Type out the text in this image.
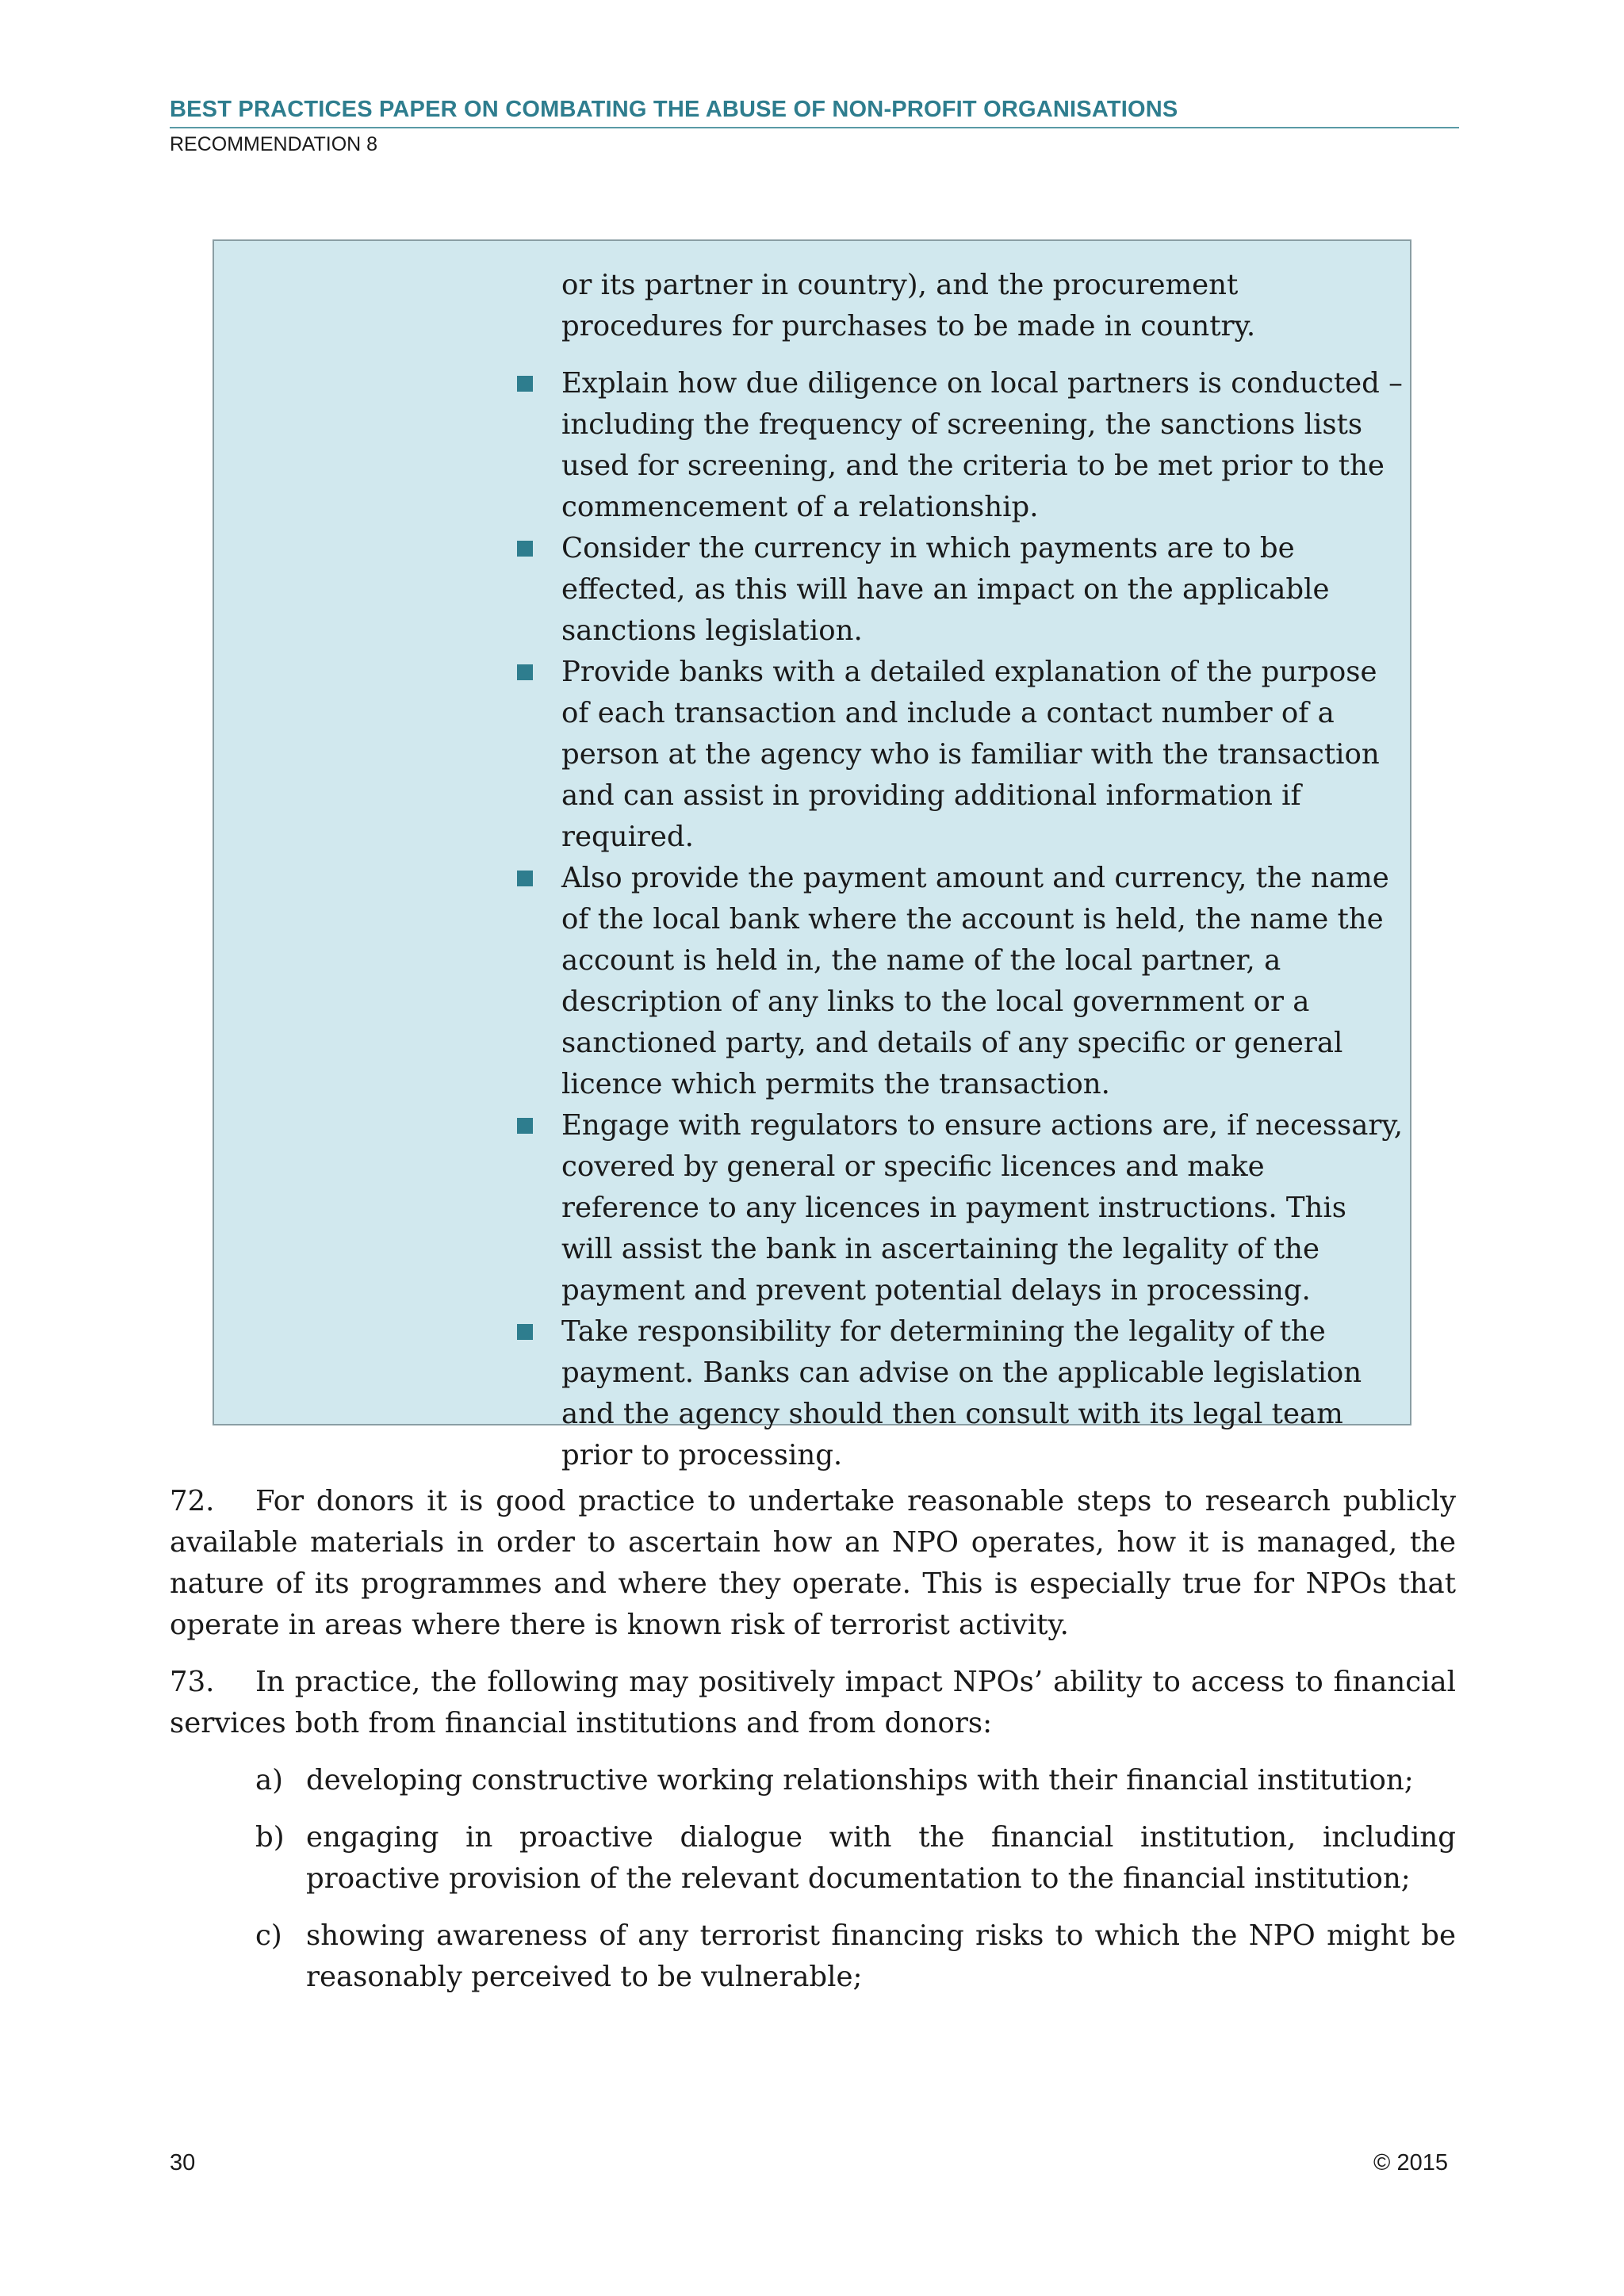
BEST PRACTICES PAPER ON COMBATING THE ABUSE OF NON-PROFIT ORGANISATIONS
RECOMMENDATION 8

or its partner in country), and the procurement procedures for purchases to be made in country.

Explain how due diligence on local partners is conducted – including the frequency of screening, the sanctions lists used for screening, and the criteria to be met prior to the commencement of a relationship.

Consider the currency in which payments are to be effected, as this will have an impact on the applicable sanctions legislation.

Provide banks with a detailed explanation of the purpose of each transaction and include a contact number of a person at the agency who is familiar with the transaction and can assist in providing additional information if required.

Also provide the payment amount and currency, the name of the local bank where the account is held, the name the account is held in, the name of the local partner, a description of any links to the local government or a sanctioned party, and details of any specific or general licence which permits the transaction.

Engage with regulators to ensure actions are, if necessary, covered by general or specific licences and make reference to any licences in payment instructions. This will assist the bank in ascertaining the legality of the payment and prevent potential delays in processing.

Take responsibility for determining the legality of the payment. Banks can advise on the applicable legislation and the agency should then consult with its legal team prior to processing.

72. For donors it is good practice to undertake reasonable steps to research publicly available materials in order to ascertain how an NPO operates, how it is managed, the nature of its programmes and where they operate. This is especially true for NPOs that operate in areas where there is known risk of terrorist activity.

73. In practice, the following may positively impact NPOs’ ability to access to financial services both from financial institutions and from donors:

a) developing constructive working relationships with their financial institution;

b) engaging in proactive dialogue with the financial institution, including proactive provision of the relevant documentation to the financial institution;

c) showing awareness of any terrorist financing risks to which the NPO might be reasonably perceived to be vulnerable;

30	© 2015
